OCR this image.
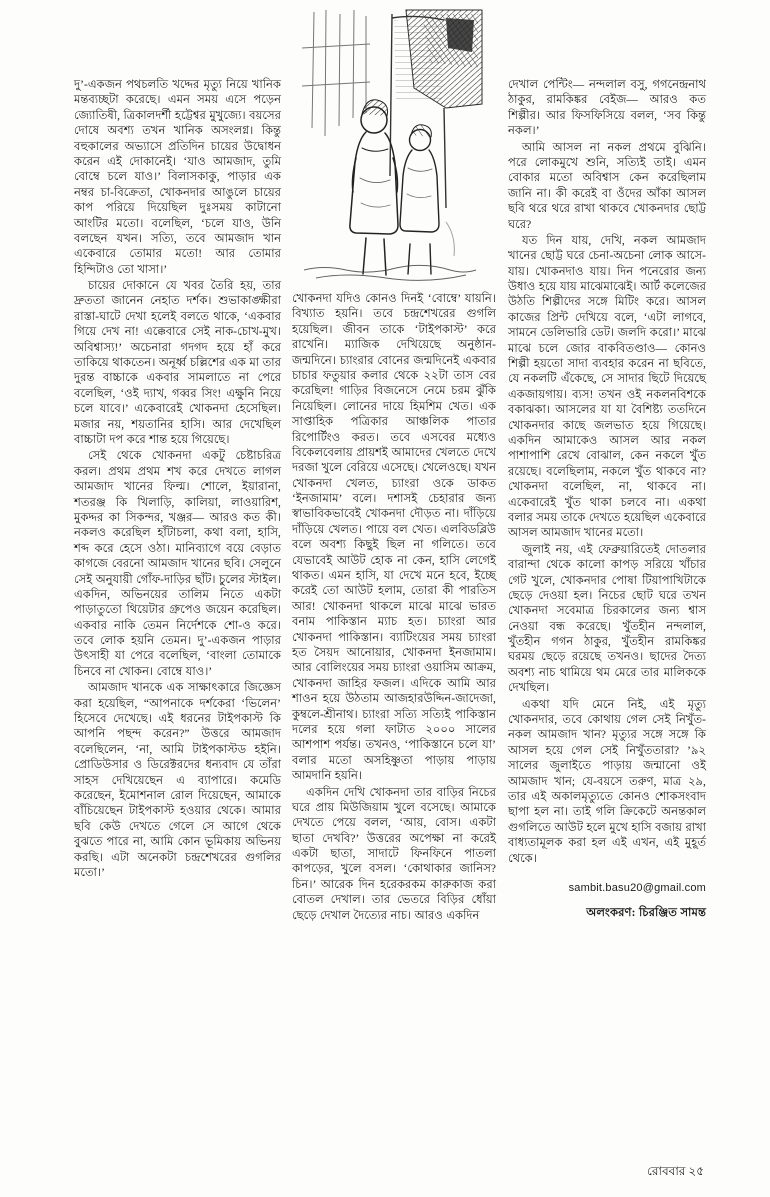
দু’-একজন পথচলতি খদ্দের মৃত্যু নিয়ে খানিক মন্তব্যচ্ছটা করেছে। এমন সময় এসে পড়েন জ্যোতিষী, ত্রিকালদর্শী হট্টেশ্বর মুখুজ্যে। বয়সের দোষে অবশ্য তখন খানিক অসংলগ্ন। কিন্তু বহুকালের অভ্যাসে প্রতিদিন চায়ের উদ্বোধন করেন এই দোকানেই। ‘যাও আমজাদ, তুমি বোম্বে চলে যাও।’ বিলাসকাকু, পাড়ার এক নম্বর চা-বিক্রেতা, খোকনদার আঙুলে চায়ের কাপ পরিয়ে দিয়েছিল দুঃসময় কাটানো আংটির মতো। বলেছিল, ‘চলে যাও, উনি বলছেন যখন। সত্যি, তবে আমজাদ খান একেবারে তোমার মতো! আর তোমার হিন্দিটাও তো খাসা।’

চায়ের দোকানে যে খবর তৈরি হয়, তার দ্রুততা জানেন নেহাত দর্শক। শুভাকাঙ্ক্ষীরা রাস্তা-ঘাটে দেখা হলেই বলতে থাকে, ‘একবার গিয়ে দেখ না! এক্কেবারে সেই নাক-চোখ-মুখ। অবিশ্বাস্য!’ অচেনারা গদগদ হয়ে হাঁ করে তাকিয়ে থাকতেন। অনূর্ধ্ব চল্লিশের এক মা তার দুরন্ত বাচ্চাকে একবার সামলাতে না পেরে বলেছিল, ‘ওই দ্যাখ, গব্বর সিং! এক্ষুনি নিয়ে চলে যাবে।’ একেবারেই খোকনদা হেসেছিল। মজার নয়, শয়তানির হাসি। আর দেখেছিল বাচ্চাটা দপ করে শান্ত হয়ে গিয়েছে।

সেই থেকে খোকনদা একটু চেষ্টাচরিত্র করল। প্রথম প্রথম শখ করে দেখতে লাগল আমজাদ খানের ফিল্ম। শোলে, ইয়ারানা, শতরঞ্জ কি খিলাড়ি, কালিয়া, লাওয়ারিশ, মুকদ্দর কা সিকন্দর, খঞ্জর— আরও কত কী। নকলও করেছিল হাঁটাচলা, কথা বলা, হাসি, শব্দ করে হেসে ওঠা। মানিব্যাগে বয়ে বেড়াত কাগজে বেরনো আমজাদ খানের ছবি। সেলুনে সেই অনুযায়ী গোঁফ-দাড়ির ছাঁট। চুলের স্টাইল। একদিন, অভিনয়ের তালিম নিতে একটা পাড়াতুতো থিয়েটার গ্রুপেও জয়েন করেছিল। একবার নাকি তেমন নির্দেশকে শো-ও করে। তবে লোক হয়নি তেমন। দু’-একজন পাড়ার উৎসাহী যা পেরে বলেছিল, ‘বাংলা তোমাকে চিনবে না খোকন। বোম্বে যাও।’

আমজাদ খানকে এক সাক্ষাৎকারে জিজ্ঞেস করা হয়েছিল, “আপনাকে দর্শকেরা ‘ভিলেন’ হিসেবে দেখেছে। এই ধরনের টাইপকাস্ট কি আপনি পছন্দ করেন?” উত্তরে আমজাদ বলেছিলেন, ‘না, আমি টাইপকাস্টড হইনি। প্রোডিউসার ও ডিরেক্টরদের ধন্যবাদ যে তাঁরা সাহস দেখিয়েছেন এ ব্যাপারে। কমেডি করেছেন, ইমোশনাল রোল দিয়েছেন, আমাকে বাঁচিয়েছেন টাইপকাস্ট হওয়ার থেকে। আমার ছবি কেউ দেখতে গেলে সে আগে থেকে বুঝতে পারে না, আমি কোন ভূমিকায় অভিনয় করছি। এটা অনেকটা চন্দ্রশেখরের গুগলির মতো।’

খোকনদা যদিও কোনও দিনই ‘বোম্বে’ যায়নি। বিখ্যাত হয়নি। তবে চন্দ্রশেখরের গুগলি হয়েছিল। জীবন তাকে ‘টাইপকাস্ট’ করে রাখেনি। ম্যাজিক দেখিয়েছে অনুষ্ঠান-জন্মদিনে। চ্যাংরার বোনের জন্মদিনেই একবার চাচার ফতুয়ার কলার থেকে ২২টা তাস বের করেছিল! গাড়ির বিজনেসে নেমে চরম ঝুঁকি নিয়েছিল। লোনের দায়ে হিমশিম খেত। এক সাপ্তাহিক পত্রিকার আঞ্চলিক পাতার রিপোর্টিংও করত। তবে এসবের মধ্যেও বিকেলবেলায় প্রায়শই আমাদের খেলতে দেখে দরজা খুলে বেরিয়ে এসেছে। খেলেওছে। যখন খোকনদা খেলত, চ্যাংরা ওকে ডাকত ‘ইনজামাম’ বলে। দশাসই চেহারার জন্য স্বাভাবিকভাবেই খোকনদা দৌড়ত না। দাঁড়িয়ে দাঁড়িয়ে খেলত। পায়ে বল খেত। এলবিডব্লিউ বলে অবশ্য কিছুই ছিল না গলিতে। তবে যেভাবেই আউট হোক না কেন, হাসি লেগেই থাকত। এমন হাসি, যা দেখে মনে হবে, ইচ্ছে করেই তো আউট হলাম, তোরা কী পারতিস আর! খোকনদা থাকলে মাঝে মাঝে ভারত বনাম পাকিস্তান ম্যাচ হত। চ্যাংরা আর খোকনদা পাকিস্তান। ব্যাটিংয়ের সময় চ্যাংরা হত সৈয়দ আনোয়ার, খোকনদা ইনজামাম। আর বোলিংয়ের সময় চ্যাংরা ওয়াসিম আক্রম, খোকনদা জাহির ফজল। এদিকে আমি আর শাওন হয়ে উঠতাম আজহারউদ্দিন-জাদেজা, কুম্বলে-শ্রীনাথ। চ্যাংরা সত্যি সত্যিই পাকিস্তান দলের হয়ে গলা ফাটাত ২০০০ সালের আশপাশ পর্যন্ত। তখনও, ‘পাকিস্তানে চলে যা’ বলার মতো অসহিষ্ণুতা পাড়ায় পাড়ায় আমদানি হয়নি।

একদিন দেখি খোকনদা তার বাড়ির নিচের ঘরে প্রায় মিউজিয়াম খুলে বসেছে। আমাকে দেখতে পেয়ে বলল, ‘আয়, বোস। একটা ছাতা দেখবি?’ উত্তরের অপেক্ষা না করেই একটা ছাতা, সাদাটে ফিনফিনে পাতলা কাপড়ের, খুলে বসল। ‘কোথাকার জানিস? চিন।’ আরেক দিন হরেকরকম কারুকাজ করা বোতল দেখাল। তার ভেতরে বিড়ির ধোঁয়া ছেড়ে দেখাল দৈত্যের নাচ। আরও একদিন

দেখাল পেন্টিং— নন্দলাল বসু, গগনেন্দ্রনাথ ঠাকুর, রামকিঙ্কর বেইজ— আরও কত শিল্পীর। আর ফিসফিসিয়ে বলল, ‘সব কিন্তু নকল।’

আমি আসল না নকল প্রথমে বুঝিনি। পরে লোকমুখে শুনি, সত্যিই তাই। এমন বোকার মতো অবিশ্বাস কেন করেছিলাম জানি না। কী করেই বা ওঁদের আঁকা আসল ছবি থরে থরে রাখা থাকবে খোকনদার ছোট্ট ঘরে?

যত দিন যায়, দেখি, নকল আমজাদ খানের ছোট্ট ঘরে চেনা-অচেনা লোক আসে-যায়। খোকনদাও যায়। দিন পনেরোর জন্য উধাও হয়ে যায় মাঝেমাঝেই। আর্ট কলেজের উঠতি শিল্পীদের সঙ্গে মিটিং করে। আসল কাজের প্রিন্ট দেখিয়ে বলে, ‘এটা লাগবে, সামনে ডেলিভারি ডেট। জলদি করো।’ মাঝে মাঝে চলে জোর বাকবিতণ্ডাও— কোনও শিল্পী হয়তো সাদা ব্যবহার করেন না ছবিতে, যে নকলটি এঁকেছে, সে সাদার ছিটে দিয়েছে একজায়গায়। ব্যস! তখন ওই নকলনবিশকে বকাঝকা। আসলের যা যা বৈশিষ্ট্য ততদিনে খোকনদার কাছে জলভাত হয়ে গিয়েছে। একদিন আমাকেও আসল আর নকল পাশাপাশি রেখে বোঝাল, কেন নকলে খুঁত রয়েছে। বলেছিলাম, নকলে খুঁত থাকবে না? খোকনদা বলেছিল, না, থাকবে না। একেবারেই খুঁত থাকা চলবে না। একথা বলার সময় তাকে দেখতে হয়েছিল একেবারে আসল আমজাদ খানের মতো।

জুলাই নয়, এই ফেব্রুয়ারিতেই দোতলার বারান্দা থেকে কালো কাপড় সরিয়ে খাঁচার গেট খুলে, খোকনদার পোষা টিয়াপাখিটাকে ছেড়ে দেওয়া হল। নিচের ছোট ঘরে তখন খোকনদা সবেমাত্র চিরকালের জন্য শ্বাস নেওয়া বন্ধ করেছে। খুঁতহীন নন্দলাল, খুঁতহীন গগন ঠাকুর, খুঁতহীন রামকিঙ্কর ঘরময় ছেড়ে রয়েছে তখনও। ছাদের দৈত্য অবশ্য নাচ থামিয়ে থম মেরে তার মালিককে দেখছিল।

একথা যদি মেনে নিই, এই মৃত্যু খোকনদার, তবে কোথায় গেল সেই নিখুঁত-নকল আমজাদ খান? মৃত্যুর সঙ্গে সঙ্গে কি আসল হয়ে গেল সেই নিখুঁততারা? ’৯২ সালের জুলাইতে পাড়ায় জন্মানো ওই আমজাদ খান; যে-বয়সে তরুণ, মাত্র ২৯, তার এই অকালমৃত্যুতে কোনও শোকসংবাদ ছাপা হল না। তাই গলি ক্রিকেটে অনন্তকাল গুগলিতে আউট হলে মুখে হাসি বজায় রাখা বাধ্যতামূলক করা হল এই এখন, এই মুহূর্ত থেকে।

sambit.basu20@gmail.com
অলংকরণ: চিরঞ্জিত সামন্ত
রোববার ২৫
